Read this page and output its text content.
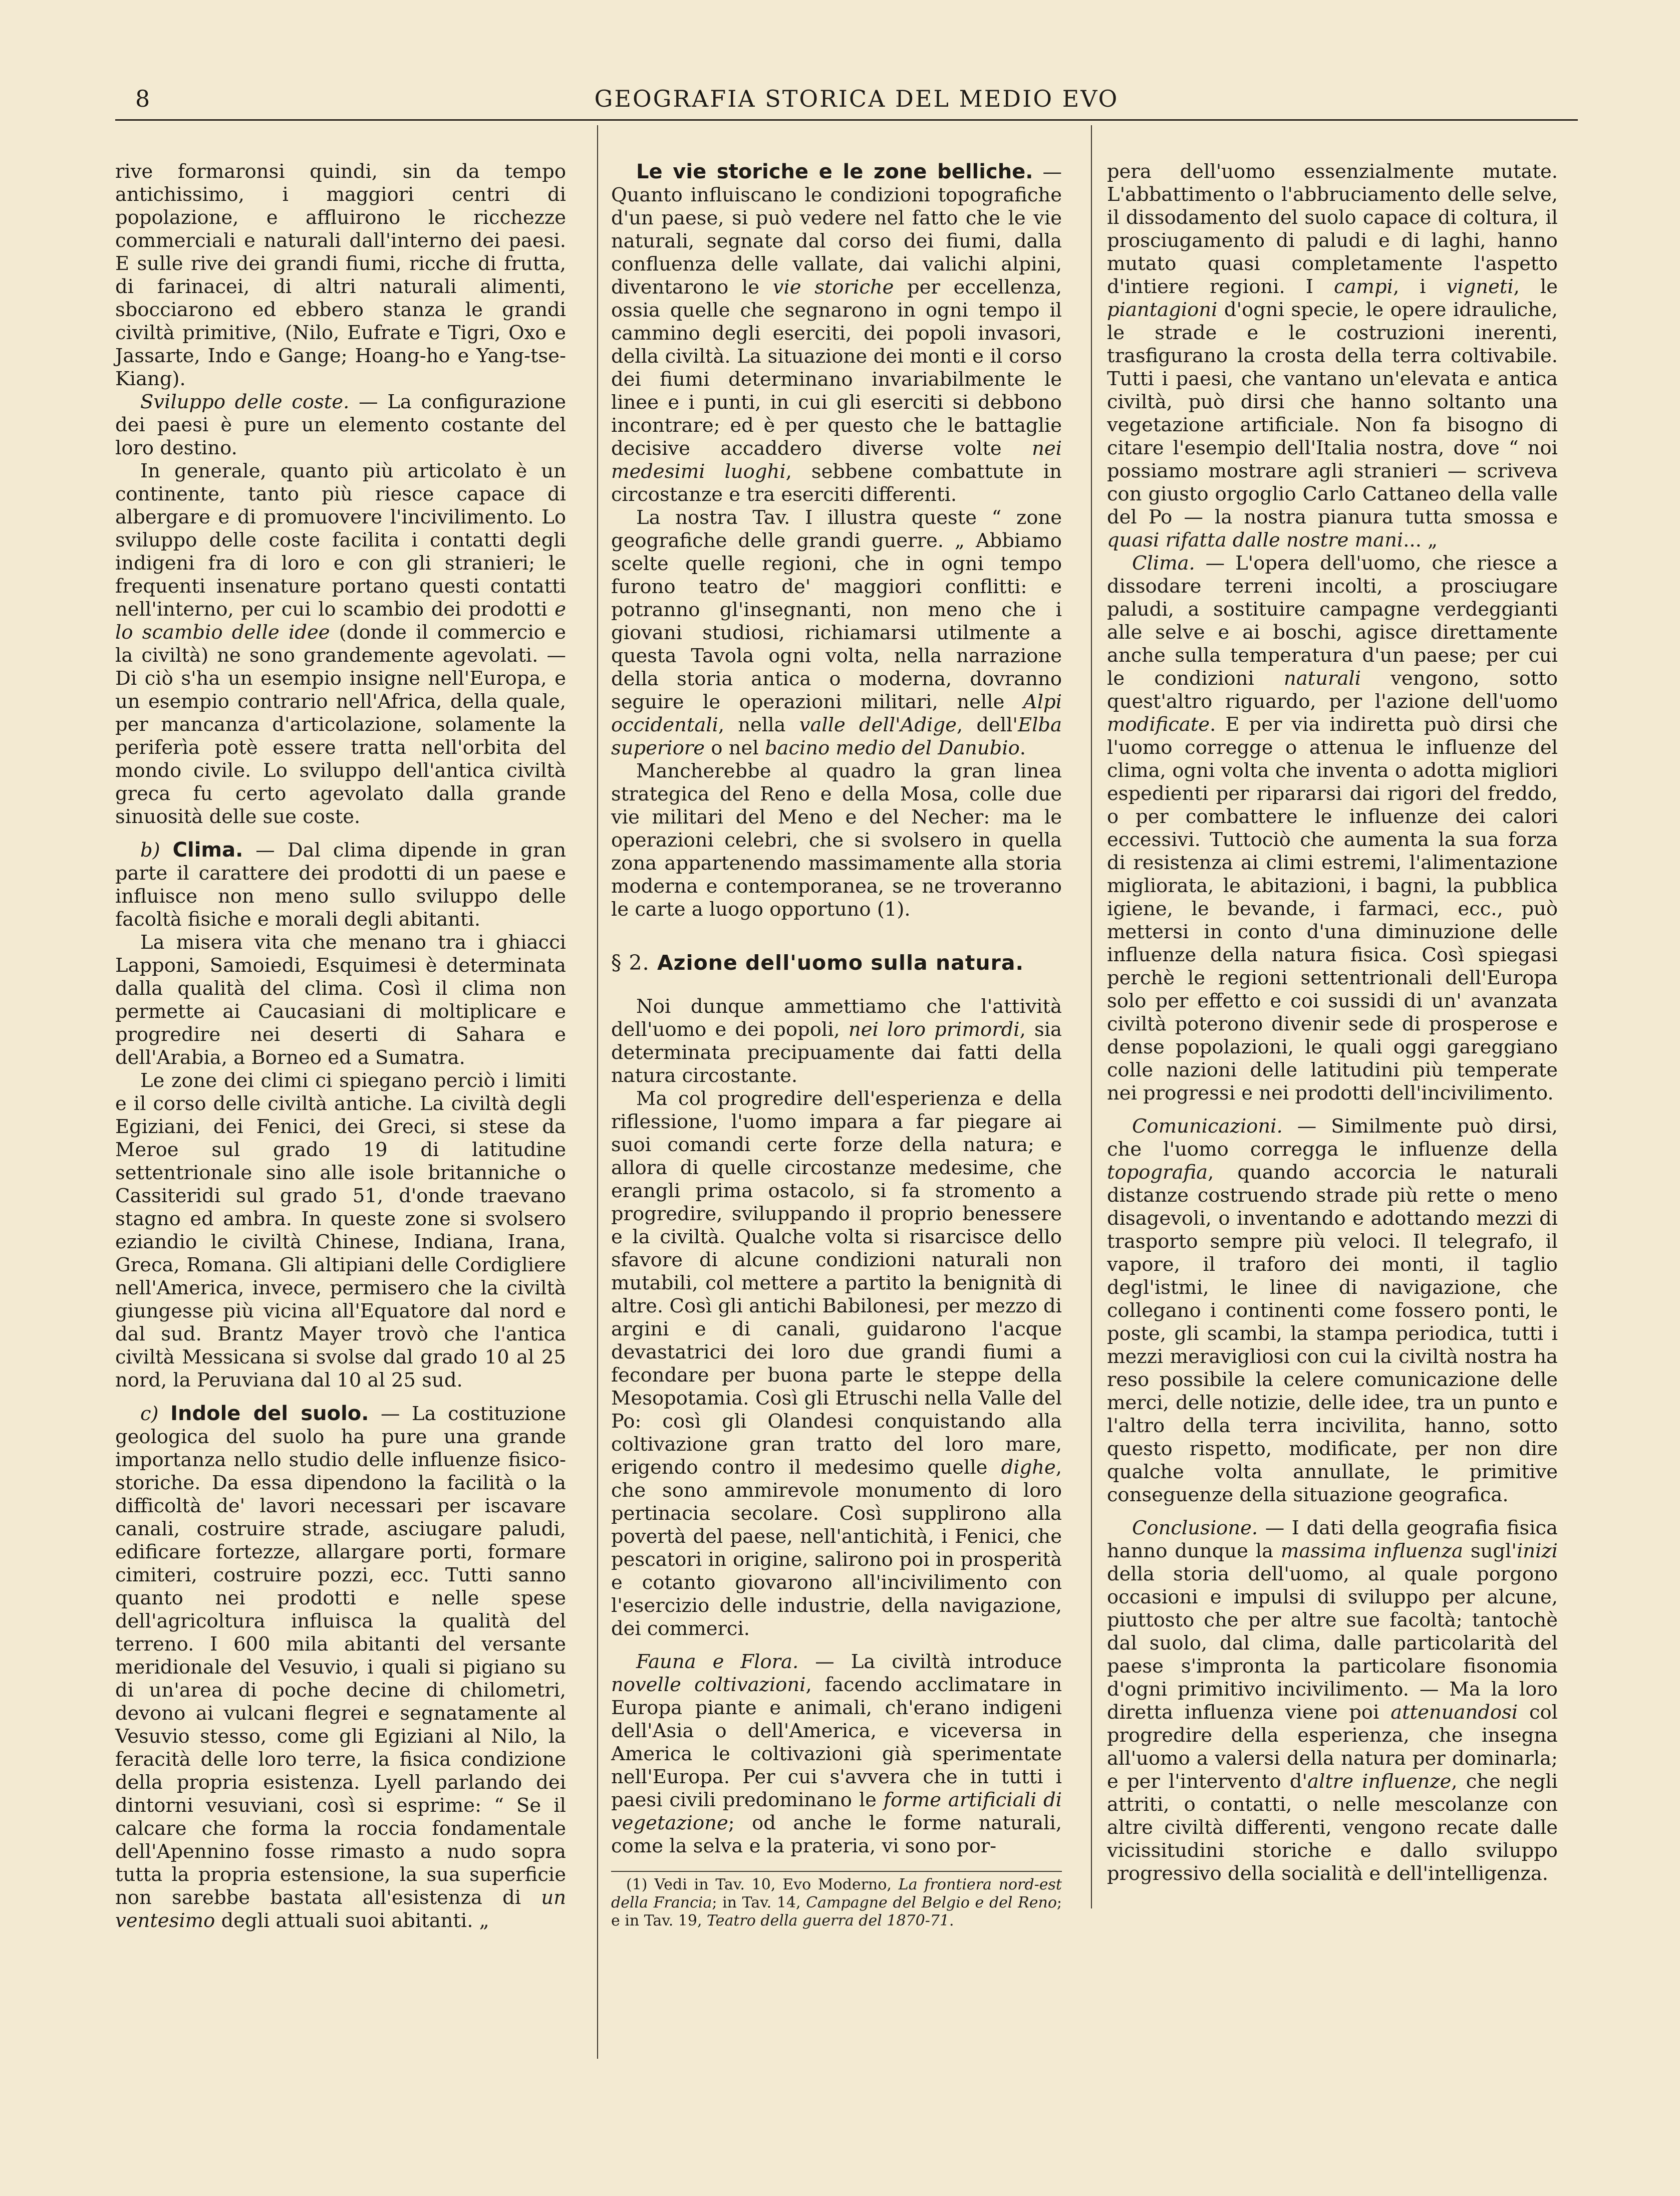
8	GEOGRAFIA STORICA DEL MEDIO EVO

rive formaronsi quindi, sin da tempo antichissimo, i maggiori centri di popolazione, e affluirono le ricchezze commerciali e naturali dall'interno dei paesi. E sulle rive dei grandi fiumi, ricche di frutta, di farinacei, di altri naturali alimenti, sbocciarono ed ebbero stanza le grandi civiltà primitive, (Nilo, Eufrate e Tigri, Oxo e Jassarte, Indo e Gange; Hoang-ho e Yang-tse-Kiang).

Sviluppo delle coste. — La configurazione dei paesi è pure un elemento costante del loro destino.

In generale, quanto più articolato è un continente, tanto più riesce capace di albergare e di promuovere l'incivilimento. Lo sviluppo delle coste facilita i contatti degli indigeni fra di loro e con gli stranieri; le frequenti insenature portano questi contatti nell'interno, per cui lo scambio dei prodotti e lo scambio delle idee (donde il commercio e la civiltà) ne sono grandemente agevolati. — Di ciò s'ha un esempio insigne nell'Europa, e un esempio contrario nell'Africa, della quale, per mancanza d'articolazione, solamente la periferìa potè essere tratta nell'orbita del mondo civile. Lo sviluppo dell'antica civiltà greca fu certo agevolato dalla grande sinuosità delle sue coste.

b) Clima. — Dal clima dipende in gran parte il carattere dei prodotti di un paese e influisce non meno sullo sviluppo delle facoltà fisiche e morali degli abitanti.

La misera vita che menano tra i ghiacci Lapponi, Samoiedi, Esquimesi è determinata dalla qualità del clima. Così il clima non permette ai Caucasiani di moltiplicare e progredire nei deserti di Sahara e dell'Arabia, a Borneo ed a Sumatra.

Le zone dei climi ci spiegano perciò i limiti e il corso delle civiltà antiche. La civiltà degli Egiziani, dei Fenici, dei Greci, si stese da Meroe sul grado 19 di latitudine settentrionale sino alle isole britanniche o Cassiteridi sul grado 51, d'onde traevano stagno ed ambra. In queste zone si svolsero eziandio le civiltà Chinese, Indiana, Irana, Greca, Romana. Gli altipiani delle Cordigliere nell'America, invece, permisero che la civiltà giungesse più vicina all'Equatore dal nord e dal sud. Brantz Mayer trovò che l'antica civiltà Messicana si svolse dal grado 10 al 25 nord, la Peruviana dal 10 al 25 sud.

c) Indole del suolo. — La costituzione geologica del suolo ha pure una grande importanza nello studio delle influenze fisico-storiche. Da essa dipendono la facilità o la difficoltà de' lavori necessari per iscavare canali, costruire strade, asciugare paludi, edificare fortezze, allargare porti, formare cimiteri, costruire pozzi, ecc. Tutti sanno quanto nei prodotti e nelle spese dell'agricoltura influisca la qualità del terreno. I 600 mila abitanti del versante meridionale del Vesuvio, i quali si pigiano su di un'area di poche decine di chilometri, devono ai vulcani flegrei e segnatamente al Vesuvio stesso, come gli Egiziani al Nilo, la feracità delle loro terre, la fisica condizione della propria esistenza. Lyell parlando dei dintorni vesuviani, così si esprime: “ Se il calcare che forma la roccia fondamentale dell'Apennino fosse rimasto a nudo sopra tutta la propria estensione, la sua superficie non sarebbe bastata all'esistenza di un ventesimo degli attuali suoi abitanti. „

Le vie storiche e le zone belliche. — Quanto influiscano le condizioni topografiche d'un paese, si può vedere nel fatto che le vie naturali, segnate dal corso dei fiumi, dalla confluenza delle vallate, dai valichi alpini, diventarono le vie storiche per eccellenza, ossia quelle che segnarono in ogni tempo il cammino degli eserciti, dei popoli invasori, della civiltà. La situazione dei monti e il corso dei fiumi determinano invariabilmente le linee e i punti, in cui gli eserciti si debbono incontrare; ed è per questo che le battaglie decisive accaddero diverse volte nei medesimi luoghi, sebbene combattute in circostanze e tra eserciti differenti.

La nostra Tav. I illustra queste “ zone geografiche delle grandi guerre. „ Abbiamo scelte quelle regioni, che in ogni tempo furono teatro de' maggiori conflitti: e potranno gl'insegnanti, non meno che i giovani studiosi, richiamarsi utilmente a questa Tavola ogni volta, nella narrazione della storia antica o moderna, dovranno seguire le operazioni militari, nelle Alpi occidentali, nella valle dell'Adige, dell'Elba superiore o nel bacino medio del Danubio.

Mancherebbe al quadro la gran linea strategica del Reno e della Mosa, colle due vie militari del Meno e del Necher: ma le operazioni celebri, che si svolsero in quella zona appartenendo massimamente alla storia moderna e contemporanea, se ne troveranno le carte a luogo opportuno (1).

§ 2. Azione dell'uomo sulla natura.

Noi dunque ammettiamo che l'attività dell'uomo e dei popoli, nei loro primordi, sia determinata precipuamente dai fatti della natura circostante.

Ma col progredire dell'esperienza e della riflessione, l'uomo impara a far piegare ai suoi comandi certe forze della natura; e allora di quelle circostanze medesime, che erangli prima ostacolo, si fa stromento a progredire, sviluppando il proprio benessere e la civiltà. Qualche volta si risarcisce dello sfavore di alcune condizioni naturali non mutabili, col mettere a partito la benignità di altre. Così gli antichi Babilonesi, per mezzo di argini e di canali, guidarono l'acque devastatrici dei loro due grandi fiumi a fecondare per buona parte le steppe della Mesopotamia. Così gli Etruschi nella Valle del Po: così gli Olandesi conquistando alla coltivazione gran tratto del loro mare, erigendo contro il medesimo quelle dighe, che sono ammirevole monumento di loro pertinacia secolare. Così supplirono alla povertà del paese, nell'antichità, i Fenici, che pescatori in origine, salirono poi in prosperità e cotanto giovarono all'incivilimento con l'esercizio delle industrie, della navigazione, dei commerci.

Fauna e Flora. — La civiltà introduce novelle coltivazioni, facendo acclimatare in Europa piante e animali, ch'erano indigeni dell'Asia o dell'America, e viceversa in America le coltivazioni già sperimentate nell'Europa. Per cui s'avvera che in tutti i paesi civili predominano le forme artificiali di vegetazione; od anche le forme naturali, come la selva e la prateria, vi sono por-

(1) Vedi in Tav. 10, Evo Moderno, La frontiera nord-est della Francia; in Tav. 14, Campagne del Belgio e del Reno; e in Tav. 19, Teatro della guerra del 1870-71.

pera dell'uomo essenzialmente mutate. L'abbattimento o l'abbruciamento delle selve, il dissodamento del suolo capace di coltura, il prosciugamento di paludi e di laghi, hanno mutato quasi completamente l'aspetto d'intiere regioni. I campi, i vigneti, le piantagioni d'ogni specie, le opere idrauliche, le strade e le costruzioni inerenti, trasfigurano la crosta della terra coltivabile. Tutti i paesi, che vantano un'elevata e antica civiltà, può dirsi che hanno soltanto una vegetazione artificiale. Non fa bisogno di citare l'esempio dell'Italia nostra, dove “ noi possiamo mostrare agli stranieri — scriveva con giusto orgoglio Carlo Cattaneo della valle del Po — la nostra pianura tutta smossa e quasi rifatta dalle nostre mani... „

Clima. — L'opera dell'uomo, che riesce a dissodare terreni incolti, a prosciugare paludi, a sostituire campagne verdeggianti alle selve e ai boschi, agisce direttamente anche sulla temperatura d'un paese; per cui le condizioni naturali vengono, sotto quest'altro riguardo, per l'azione dell'uomo modificate. E per via indiretta può dirsi che l'uomo corregge o attenua le influenze del clima, ogni volta che inventa o adotta migliori espedienti per ripararsi dai rigori del freddo, o per combattere le influenze dei calori eccessivi. Tuttociò che aumenta la sua forza di resistenza ai climi estremi, l'alimentazione migliorata, le abitazioni, i bagni, la pubblica igiene, le bevande, i farmaci, ecc., può mettersi in conto d'una diminuzione delle influenze della natura fisica. Così spiegasi perchè le regioni settentrionali dell'Europa solo per effetto e coi sussidi di un' avanzata civiltà poterono divenir sede di prosperose e dense popolazioni, le quali oggi gareggiano colle nazioni delle latitudini più temperate nei progressi e nei prodotti dell'incivilimento.

Comunicazioni. — Similmente può dirsi, che l'uomo corregga le influenze della topografia, quando accorcia le naturali distanze costruendo strade più rette o meno disagevoli, o inventando e adottando mezzi di trasporto sempre più veloci. Il telegrafo, il vapore, il traforo dei monti, il taglio degl'istmi, le linee di navigazione, che collegano i continenti come fossero ponti, le poste, gli scambi, la stampa periodica, tutti i mezzi meravigliosi con cui la civiltà nostra ha reso possibile la celere comunicazione delle merci, delle notizie, delle idee, tra un punto e l'altro della terra incivilita, hanno, sotto questo rispetto, modificate, per non dire qualche volta annullate, le primitive conseguenze della situazione geografica.

Conclusione. — I dati della geografia fisica hanno dunque la massima influenza sugl'inizi della storia dell'uomo, al quale porgono occasioni e impulsi di sviluppo per alcune, piuttosto che per altre sue facoltà; tantochè dal suolo, dal clima, dalle particolarità del paese s'impronta la particolare fisonomia d'ogni primitivo incivilimento. — Ma la loro diretta influenza viene poi attenuandosi col progredire della esperienza, che insegna all'uomo a valersi della natura per dominarla; e per l'intervento d'altre influenze, che negli attriti, o contatti, o nelle mescolanze con altre civiltà differenti, vengono recate dalle vicissitudini storiche e dallo sviluppo progressivo della socialità e dell'intelligenza.
